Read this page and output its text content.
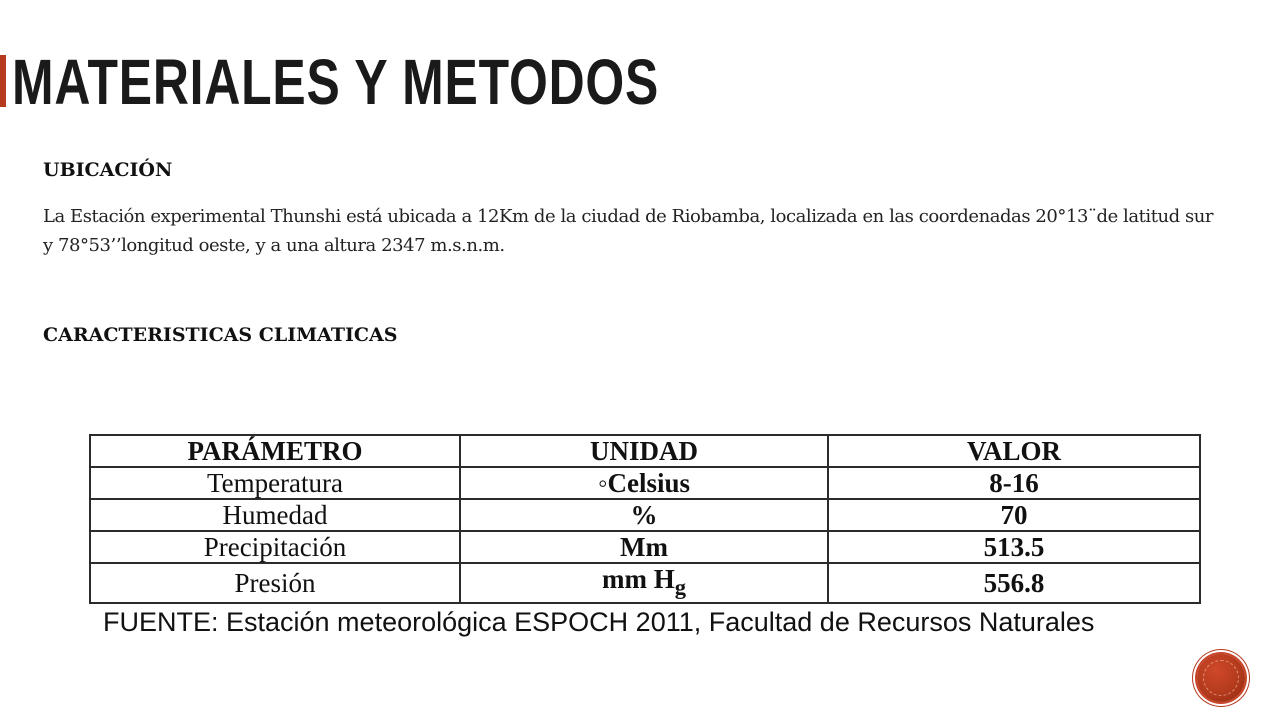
MATERIALES Y METODOS
UBICACIÓN

La Estación experimental Thunshi está ubicada a 12Km de la ciudad de Riobamba, localizada en las coordenadas 20°13¨de latitud sur y 78°53’’longitud oeste, y a una altura 2347 m.s.n.m.

CARACTERISTICAS CLIMATICAS
PARÁMETRO	UNIDAD	VALOR
Temperatura	◦Celsius	8-16
Humedad	%	70
Precipitación	Mm	513.5
Presión	mm $H_g$	556.8

FUENTE: Estación meteorológica ESPOCH 2011, Facultad de Recursos Naturales
